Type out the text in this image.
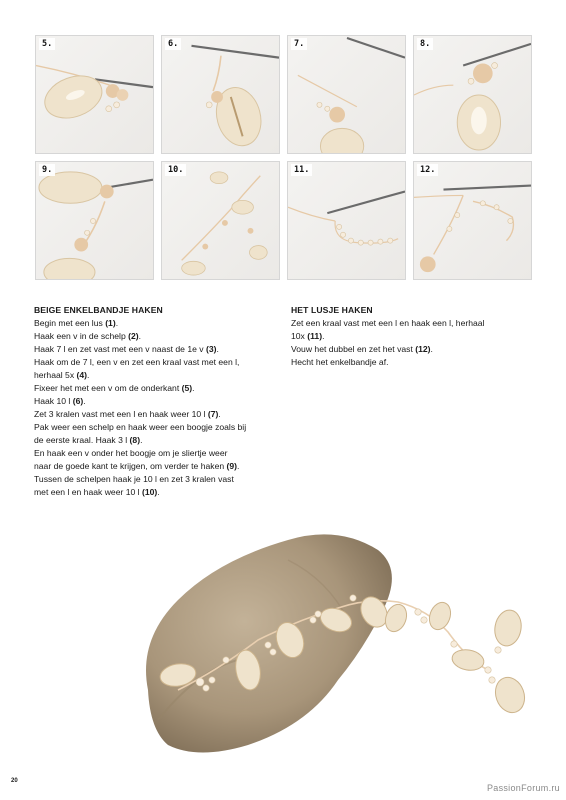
5.	6.	7.	8.
9.	10.	11.	12.
BEIGE ENKELBANDJE HAKEN
Begin met een lus (1).
Haak een v in de schelp (2).
Haak 7 l en zet vast met een v naast de 1e v (3).
Haak om de 7 l, een v en zet een kraal vast met een l,
herhaal 5x (4).
Fixeer het met een v om de onderkant (5).
Haak 10 l (6).
Zet 3 kralen vast met een l en haak weer 10 l (7).
Pak weer een schelp en haak weer een boogje zoals bij
de eerste kraal. Haak 3 l (8).
En haak een v onder het boogje om je sliertje weer
naar de goede kant te krijgen, om verder te haken (9).
Tussen de schelpen haak je 10 l en zet 3 kralen vast
met een l en haak weer 10 l (10).
HET LUSJE HAKEN
Zet een kraal vast met een l en haak een l, herhaal
10x (11).
Vouw het dubbel en zet het vast (12).
Hecht het enkelbandje af.
20
PassionForum.ru
